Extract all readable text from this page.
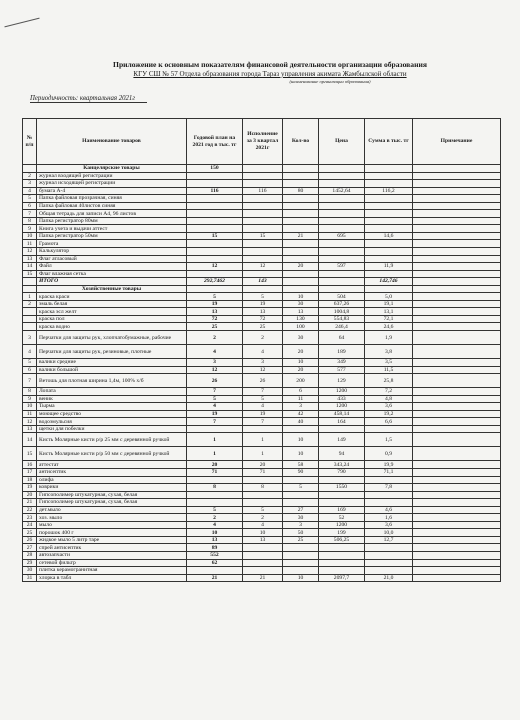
Приложение к основным показателям финансовой деятельности организации образования
КГУ СШ № 57 Отдела образования города Тараз управления акимата Жамбылской области
(наименование организации образования)
Периодичность: квартальная 2021г
№ п/п	Наименование товаров	Годовой план на 2021 год в тыс. тг	Исполнение за 3 квартал 2021г	Кол-во	Цена	Сумма в тыс. тг	Примечание
	Канцелярские товары	150					
2	журнал входящей регистрации						
3	журнал исходящей регистрации						
4	бумага А-4	116	116	80	1452,64	116,2	
5	Папка файловая прозрачная, синяя						
6	Папка файловая 40листов синяя						
7	Общая тетрадь для записи А4, 96 листов						
8	Папка регистратор 80мм						
9	Книга учета и выдачи аттест						
10	Папка регистратор 50мм	15	15	21	695	14,6	
11	Грамота						
12	Калькулятор						
13	Флаг атласовый						
14	Файл	12	12	20	597	11,9	
15	Флаг влажная сетка						
	ИТОГО	292,7462	143			142,746	
	Хозяйственные товары						
1	краска краси	5	5	10	504	5,0	
2	эмаль белая	19	19	30	637,26	19,1	
	краска эсл желт	13	13	13	1004,8	13,1	
	краска пол	72	72	130	554,83	72,1	
	краска водно	25	25	100	246,4	24,6	
3	Перчатки для защиты рук, хлопчатобумажные, рабочие	2	2	30	64	1,9	
4	Перчатки для защиты рук, резиновые, плотные	4	4	20	189	3,8	
5	валики средние	3	3	10	349	3,5	
6	валики большой	12	12	20	577	11,5	
7	Ветошь для плотная ширина 1,4м, 100% х/б	26	26	200	129	25,8	
8	Лопата	7	7	6	1200	7,2	
9	веник	5	5	11	433	4,8	
10	Тырма	4	4	3	1200	3,6	
11	моющее средство	19	19	42	458,14	19,2	
12	водоэмульсия	7	7	40	164	6,6	
13	щетки для побелки						
14	Кисть Молярные кисти р/р 25 мм с деревянной ручкой	1	1	10	149	1,5	
15	Кисть Молярные кисти р/р 50 мм с деревянной ручкой	1	1	10	94	0,9	
16	аттестат	20	20	58	343,24	19,9	
17	антисептик	71	71	90	790	71,1	
18	олифа						
19	коврики	8	8	5	1550	7,8	
20	Гипсополимер штукатурная, сухая, белая						
21	Гипсополимер штукатурная, сухая, белая						
22	дет.мыло	5	5	27	169	4,6	
23	хоз. мыло	2	2	30	52	1,6	
24	мыло	4	4	3	1200	3,6	
25	порошок 400 г	10	10	50	199	10,0	
26	жидкое мыло 5 литр таре	13	13	25	506,25	12,7	
27	спрей антисептик	89					
28	автозапчасти	552					
29	сетевой фильтр	62					
30	плитка керамогранитная						
31	хлорка в табл	21	21	10	2097,7	21,0	
